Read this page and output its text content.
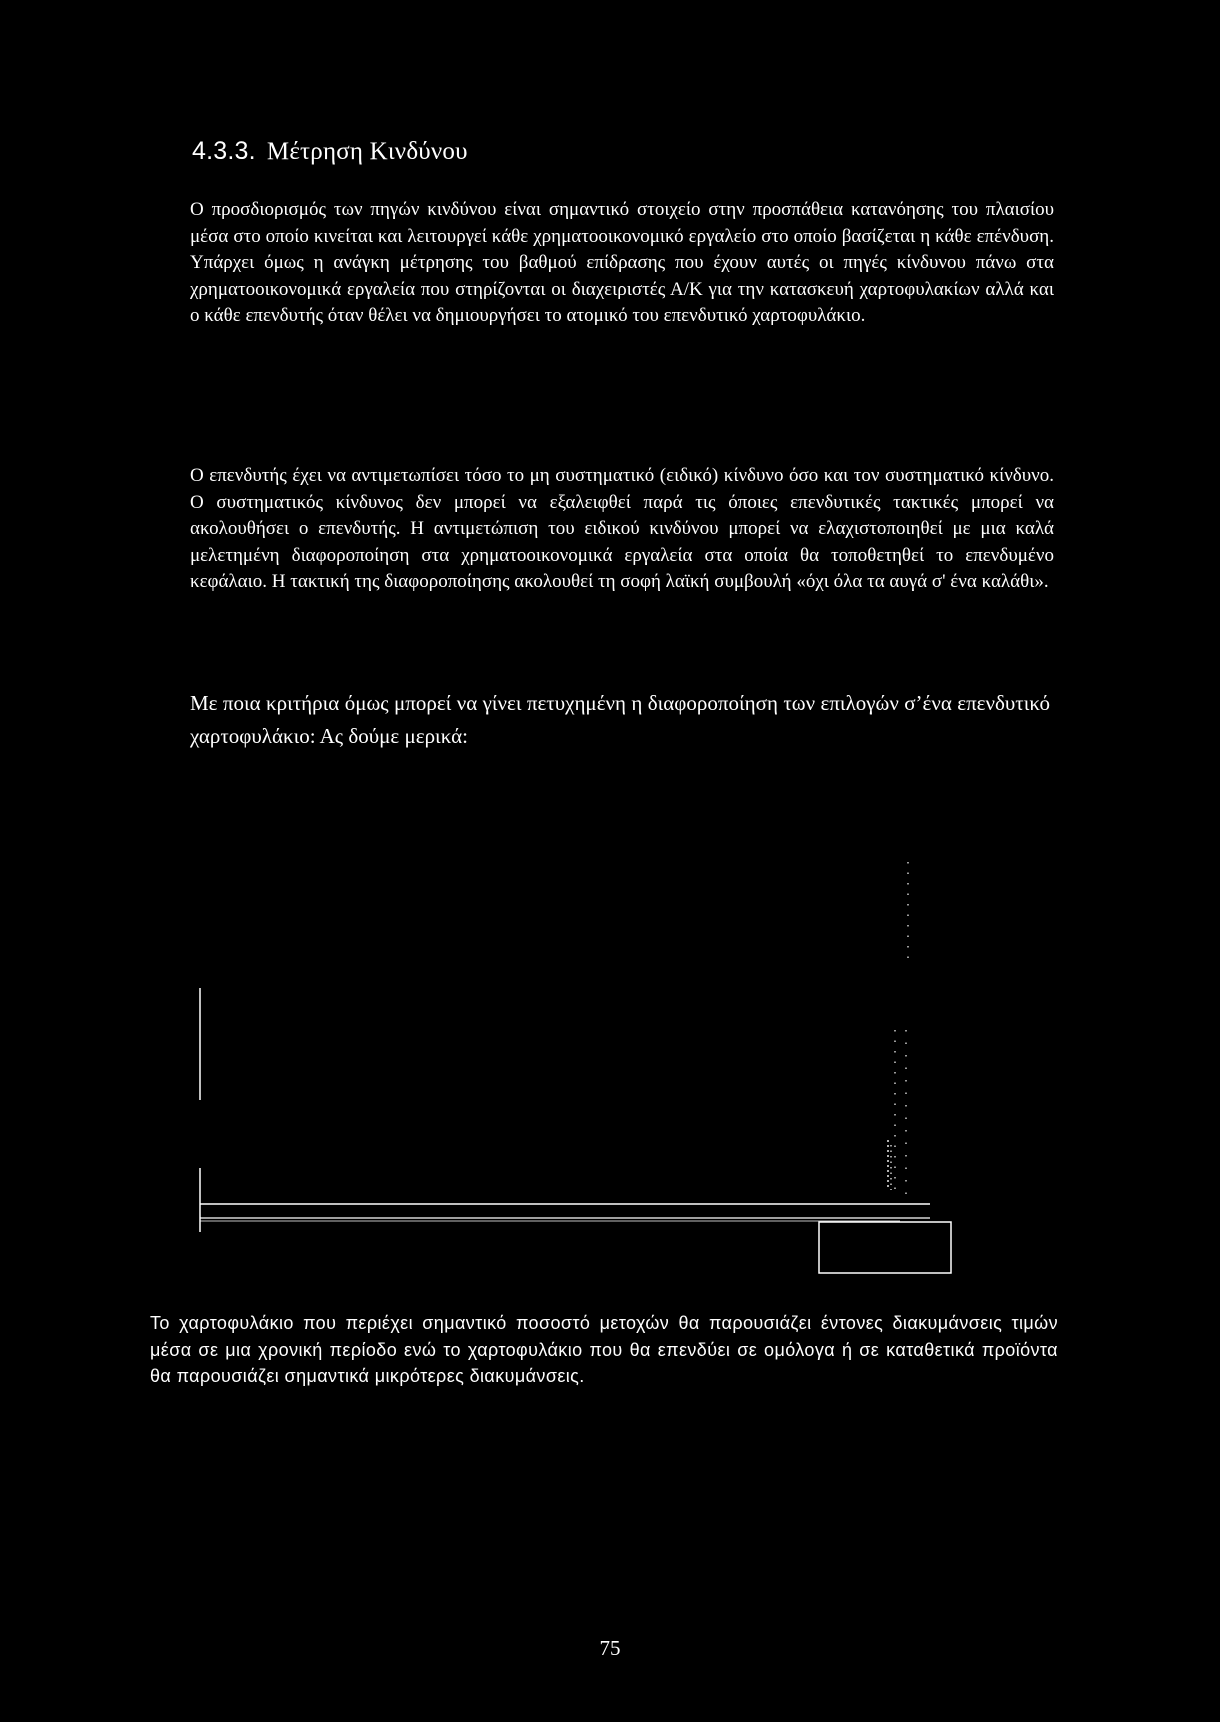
4.3.3. Μέτρηση Κινδύνου
Ο προσδιορισμός των πηγών κινδύνου είναι σημαντικό στοιχείο στην προσπάθεια κατανόησης του πλαισίου μέσα στο οποίο κινείται και λειτουργεί κάθε χρηματοοικονομικό εργαλείο στο οποίο βασίζεται η κάθε επένδυση. Υπάρχει όμως η ανάγκη μέτρησης του βαθμού επίδρασης που έχουν αυτές οι πηγές κίνδυνου πάνω στα χρηματοοικονομικά εργαλεία που στηρίζονται οι διαχειριστές Α/Κ για την κατασκευή χαρτοφυλακίων αλλά και ο κάθε επενδυτής όταν θέλει να δημιουργήσει το ατομικό του επενδυτικό χαρτοφυλάκιο.
Ο επενδυτής έχει να αντιμετωπίσει τόσο το μη συστηματικό (ειδικό) κίνδυνο όσο και τον συστηματικό κίνδυνο. Ο συστηματικός κίνδυνος δεν μπορεί να εξαλειφθεί παρά τις όποιες επενδυτικές τακτικές μπορεί να ακολουθήσει ο επενδυτής. Η αντιμετώπιση του ειδικού κινδύνου μπορεί να ελαχιστοποιηθεί με μια καλά μελετημένη διαφοροποίηση στα χρηματοοικονομικά εργαλεία στα οποία θα τοποθετηθεί το επενδυμένο κεφάλαιο. Η τακτική της διαφοροποίησης ακολουθεί τη σοφή λαϊκή συμβουλή «όχι όλα τα αυγά σ' ένα καλάθι».
Με ποια κριτήρια όμως μπορεί να γίνει πετυχημένη η διαφοροποίηση των επιλογών σ’ένα επενδυτικό χαρτοφυλάκιο: Ας δούμε μερικά:
Το χαρτοφυλάκιο που περιέχει σημαντικό ποσοστό μετοχών θα παρουσιάζει έντονες διακυμάνσεις τιμών μέσα σε μια χρονική περίοδο ενώ το χαρτοφυλάκιο που θα επενδύει σε ομόλογα ή σε καταθετικά προϊόντα θα παρουσιάζει σημαντικά μικρότερες διακυμάνσεις.
75
